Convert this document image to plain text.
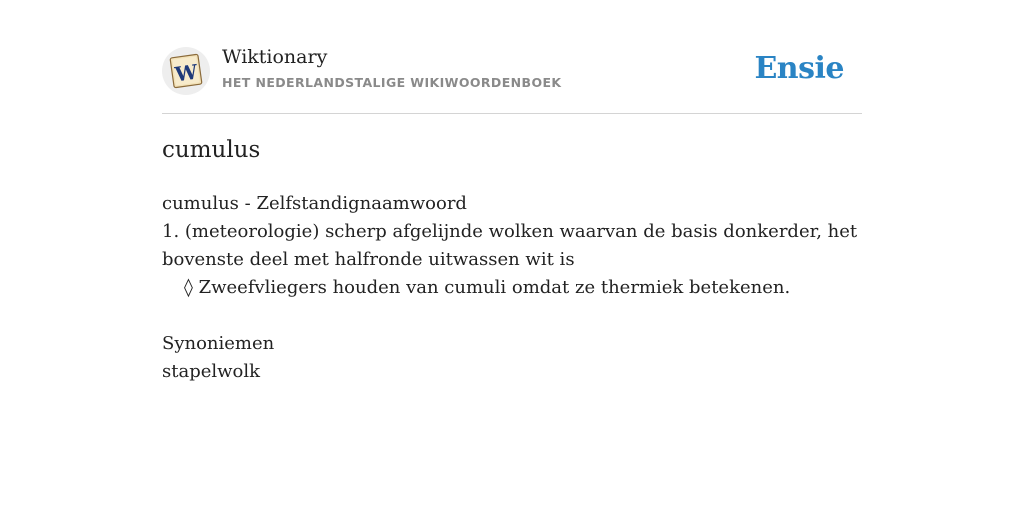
W
Wiktionary
HET NEDERLANDSTALIGE WIKIWOORDENBOEK	Ensie
cumulus
cumulus - Zelfstandignaamwoord
1. (meteorologie) scherp afgelijnde wolken waarvan de basis donkerder, het
bovenste deel met halfronde uitwassen wit is
◊ Zweefvliegers houden van cumuli omdat ze thermiek betekenen.
Synoniemen
stapelwolk
